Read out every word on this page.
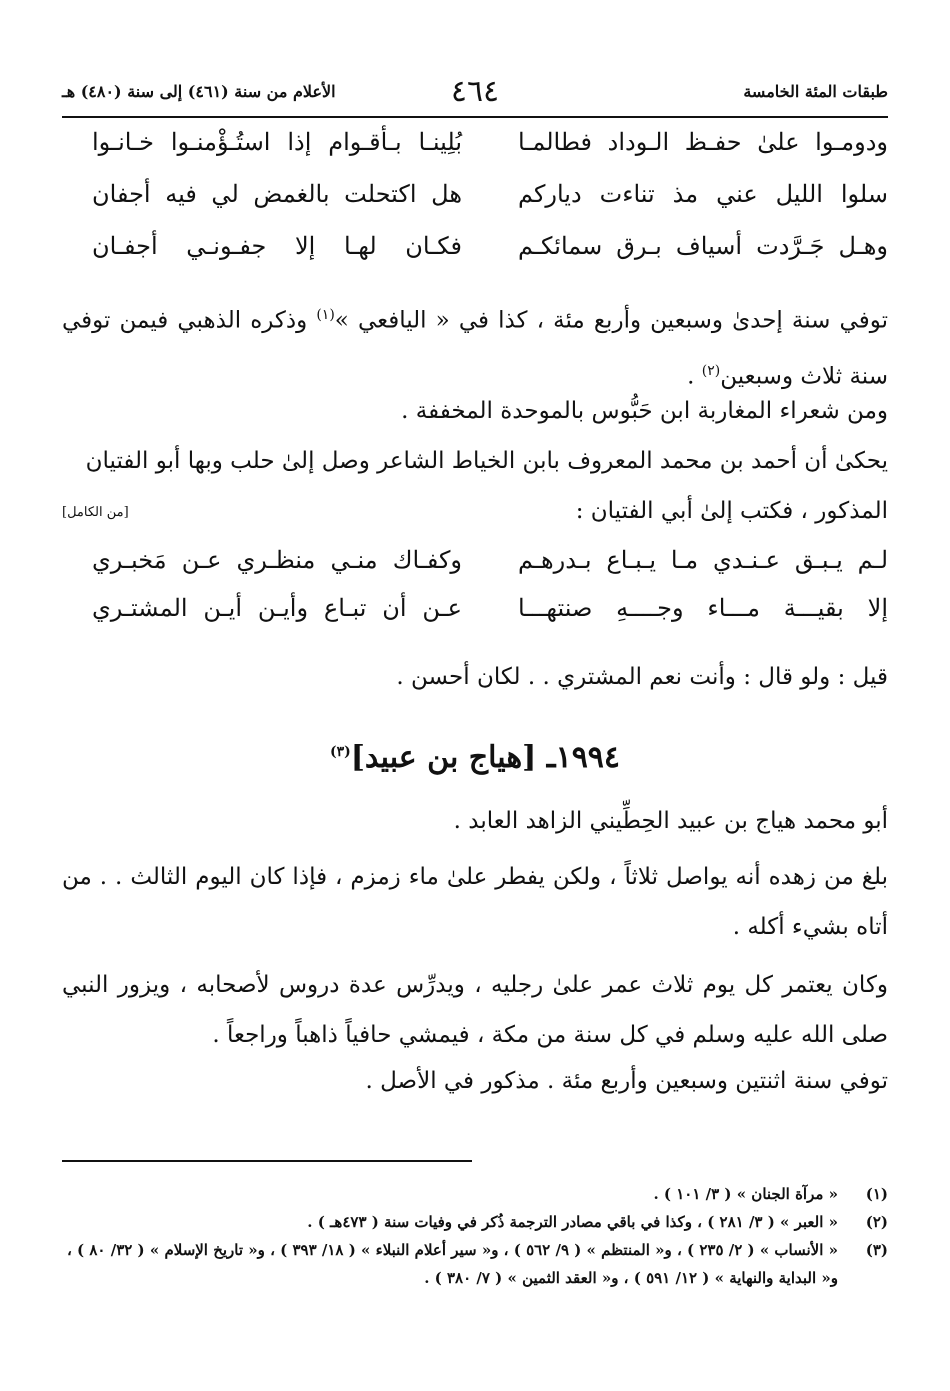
طبقات المئة الخامسة
٤٦٤
الأعلام من سنة (٤٦١) إلى سنة (٤٨٠) هـ
ودومـوا علىٰ حفـظ الـوداد فطالمـا
بُلِينـا بـأقـوام إذا استُـؤْمنـوا خـانـوا
سلوا الليل عني مذ تناءت دياركم
هل اكتحلت بالغمض لي فيه أجفان
وهـل جَـرَّدت أسياف بـرق سمائكـم
فكـان لهـا إلا جفـونـي أجفـان

توفي سنة إحدىٰ وسبعين وأربع مئة ، كذا في « اليافعي »$^{(١)}$ وذكره الذهبي فيمن توفي سنة ثلاث وسبعين$^{(٢)}$ .

ومن شعراء المغاربة ابن حَبُّوس بالموحدة المخففة .

يحكىٰ أن أحمد بن محمد المعروف بابن الخياط الشاعر وصل إلىٰ حلب وبها أبو الفتيان

المذكور ، فكتب إلىٰ أبي الفتيان :
[من الكامل]

لـم يـبـق عـنـدي مـا يـبـاع بـدرهـم
وكفـاك منـي منظـري عـن مَخبـري
إلا بقيـــة مـــاء وجــــهِ صنتهـــا
عـن أن تبـاع وأيـن أيـن المشتـري

قيل : ولو قال : وأنت نعم المشتري . . لكان أحسن .

١٩٩٤ـ [هياج بن عبيد]$^{(٣)}$

أبو محمد هياج بن عبيد الحِطِّيني الزاهد العابد .

بلغ من زهده أنه يواصل ثلاثاً ، ولكن يفطر علىٰ ماء زمزم ، فإذا كان اليوم الثالث . . من أتاه بشيء أكله .

وكان يعتمر كل يوم ثلاث عمر علىٰ رجليه ، ويدرِّس عدة دروس لأصحابه ، ويزور النبي صلى الله عليه وسلم في كل سنة من مكة ، فيمشي حافياً ذاهباً وراجعاً .

توفي سنة اثنتين وسبعين وأربع مئة . مذكور في الأصل .

(١)
« مرآة الجنان » ( ٣/ ١٠١ ) .
(٢)
« العبر » ( ٣/ ٢٨١ ) ، وكذا في باقي مصادر الترجمة ذُكر في وفيات سنة ( ٤٧٣هـ ) .
(٣)
« الأنساب » ( ٢/ ٢٣٥ ) ، و« المنتظم » ( ٩/ ٥٦٢ ) ، و« سير أعلام النبلاء » ( ١٨/ ٣٩٣ ) ، و« تاريخ الإسلام » ( ٣٢/ ٨٠ ) ، و« البداية والنهاية » ( ١٢/ ٥٩١ ) ، و« العقد الثمين » ( ٧/ ٣٨٠ ) .
